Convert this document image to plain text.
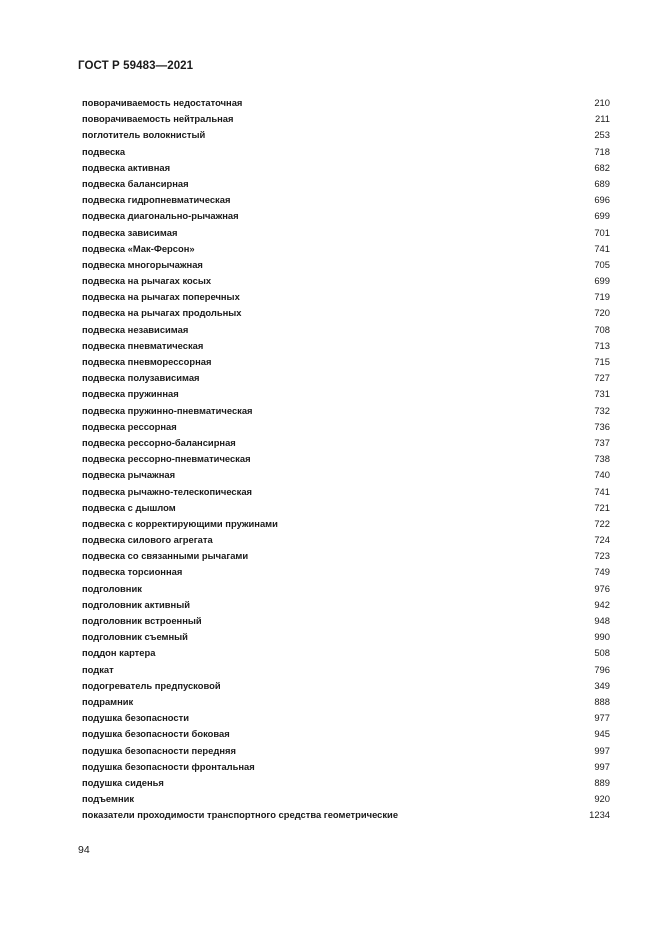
ГОСТ Р 59483—2021
поворачиваемость недостаточная	210
поворачиваемость нейтральная	211
поглотитель волокнистый	253
подвеска	718
подвеска активная	682
подвеска балансирная	689
подвеска гидропневматическая	696
подвеска диагонально-рычажная	699
подвеска зависимая	701
подвеска «Мак-Ферсон»	741
подвеска многорычажная	705
подвеска на рычагах косых	699
подвеска на рычагах поперечных	719
подвеска на рычагах продольных	720
подвеска независимая	708
подвеска пневматическая	713
подвеска пневморессорная	715
подвеска полузависимая	727
подвеска пружинная	731
подвеска пружинно-пневматическая	732
подвеска рессорная	736
подвеска рессорно-балансирная	737
подвеска рессорно-пневматическая	738
подвеска рычажная	740
подвеска рычажно-телескопическая	741
подвеска с дышлом	721
подвеска с корректирующими пружинами	722
подвеска силового агрегата	724
подвеска со связанными рычагами	723
подвеска торсионная	749
подголовник	976
подголовник активный	942
подголовник встроенный	948
подголовник съемный	990
поддон картера	508
подкат	796
подогреватель предпусковой	349
подрамник	888
подушка безопасности	977
подушка безопасности боковая	945
подушка безопасности передняя	997
подушка безопасности фронтальная	997
подушка сиденья	889
подъемник	920
показатели проходимости транспортного средства геометрические	1234
94
